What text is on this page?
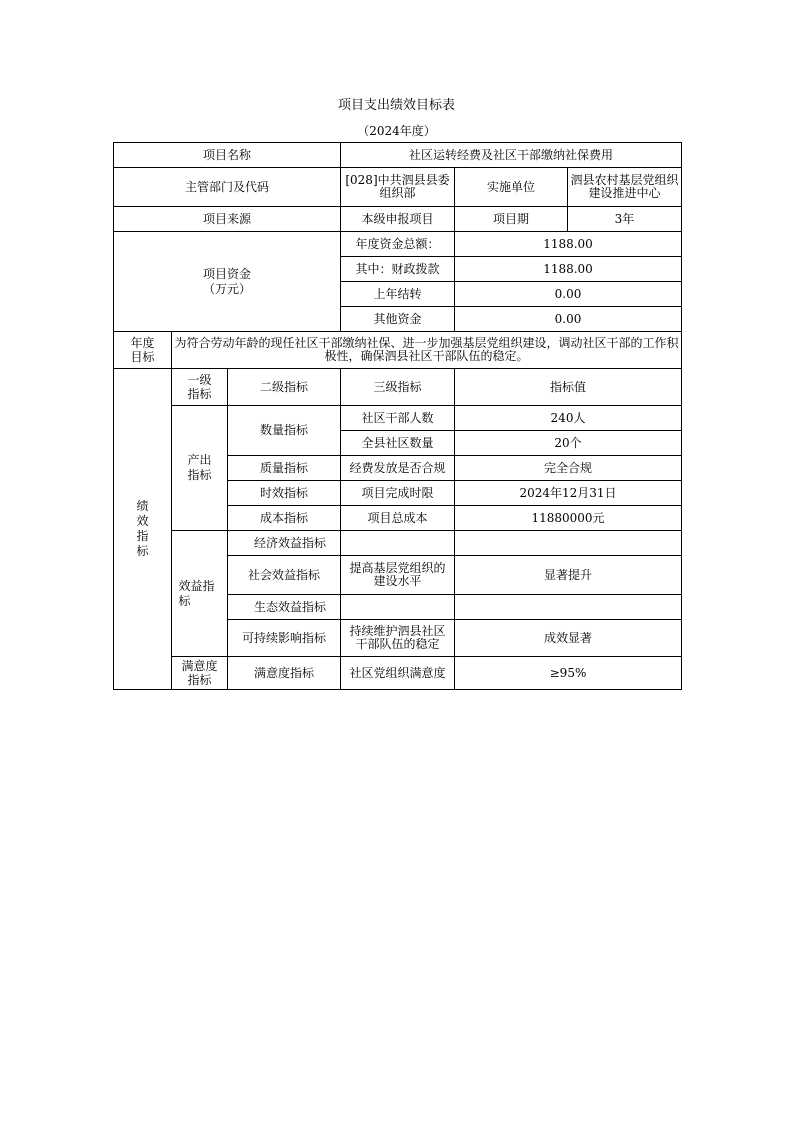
项目支出绩效目标表
（2024年度）
项目名称			社区运转经费及社区干部缴纳社保费用		
主管部门及代码			[028]中共泗县县委组织部	实施单位	泗县农村基层党组织建设推进中心
项目来源			本级申报项目	项目期	3年

项目资金
（万元）			年度资金总额：	1188.00	
			其中：财政拨款	1188.00	
			上年结转	0.00	
			其他资金	0.00	

年度目标	为符合劳动年龄的现任社区干部缴纳社保、进一步加强基层党组织建设，调动社区干部的工作积极性，确保泗县社区干部队伍的稳定。				
绩效指标	一级指标	二级指标	三级指标	指标值	

	产出指标	数量指标	社区干部人数	240人	
			全县社区数量	20个	
		质量指标	经费发放是否合规	完全合规	
		时效指标	项目完成时限	2024年12月31日	
		成本指标	项目总成本	11880000元	

	效益指标	经济效益指标			
		社会效益指标	提高基层党组织的建设水平	显著提升	
		生态效益指标			
		可持续影响指标	持续维护泗县社区干部队伍的稳定	成效显著	

	满意度指标	满意度指标	社区党组织满意度	≥95%	
